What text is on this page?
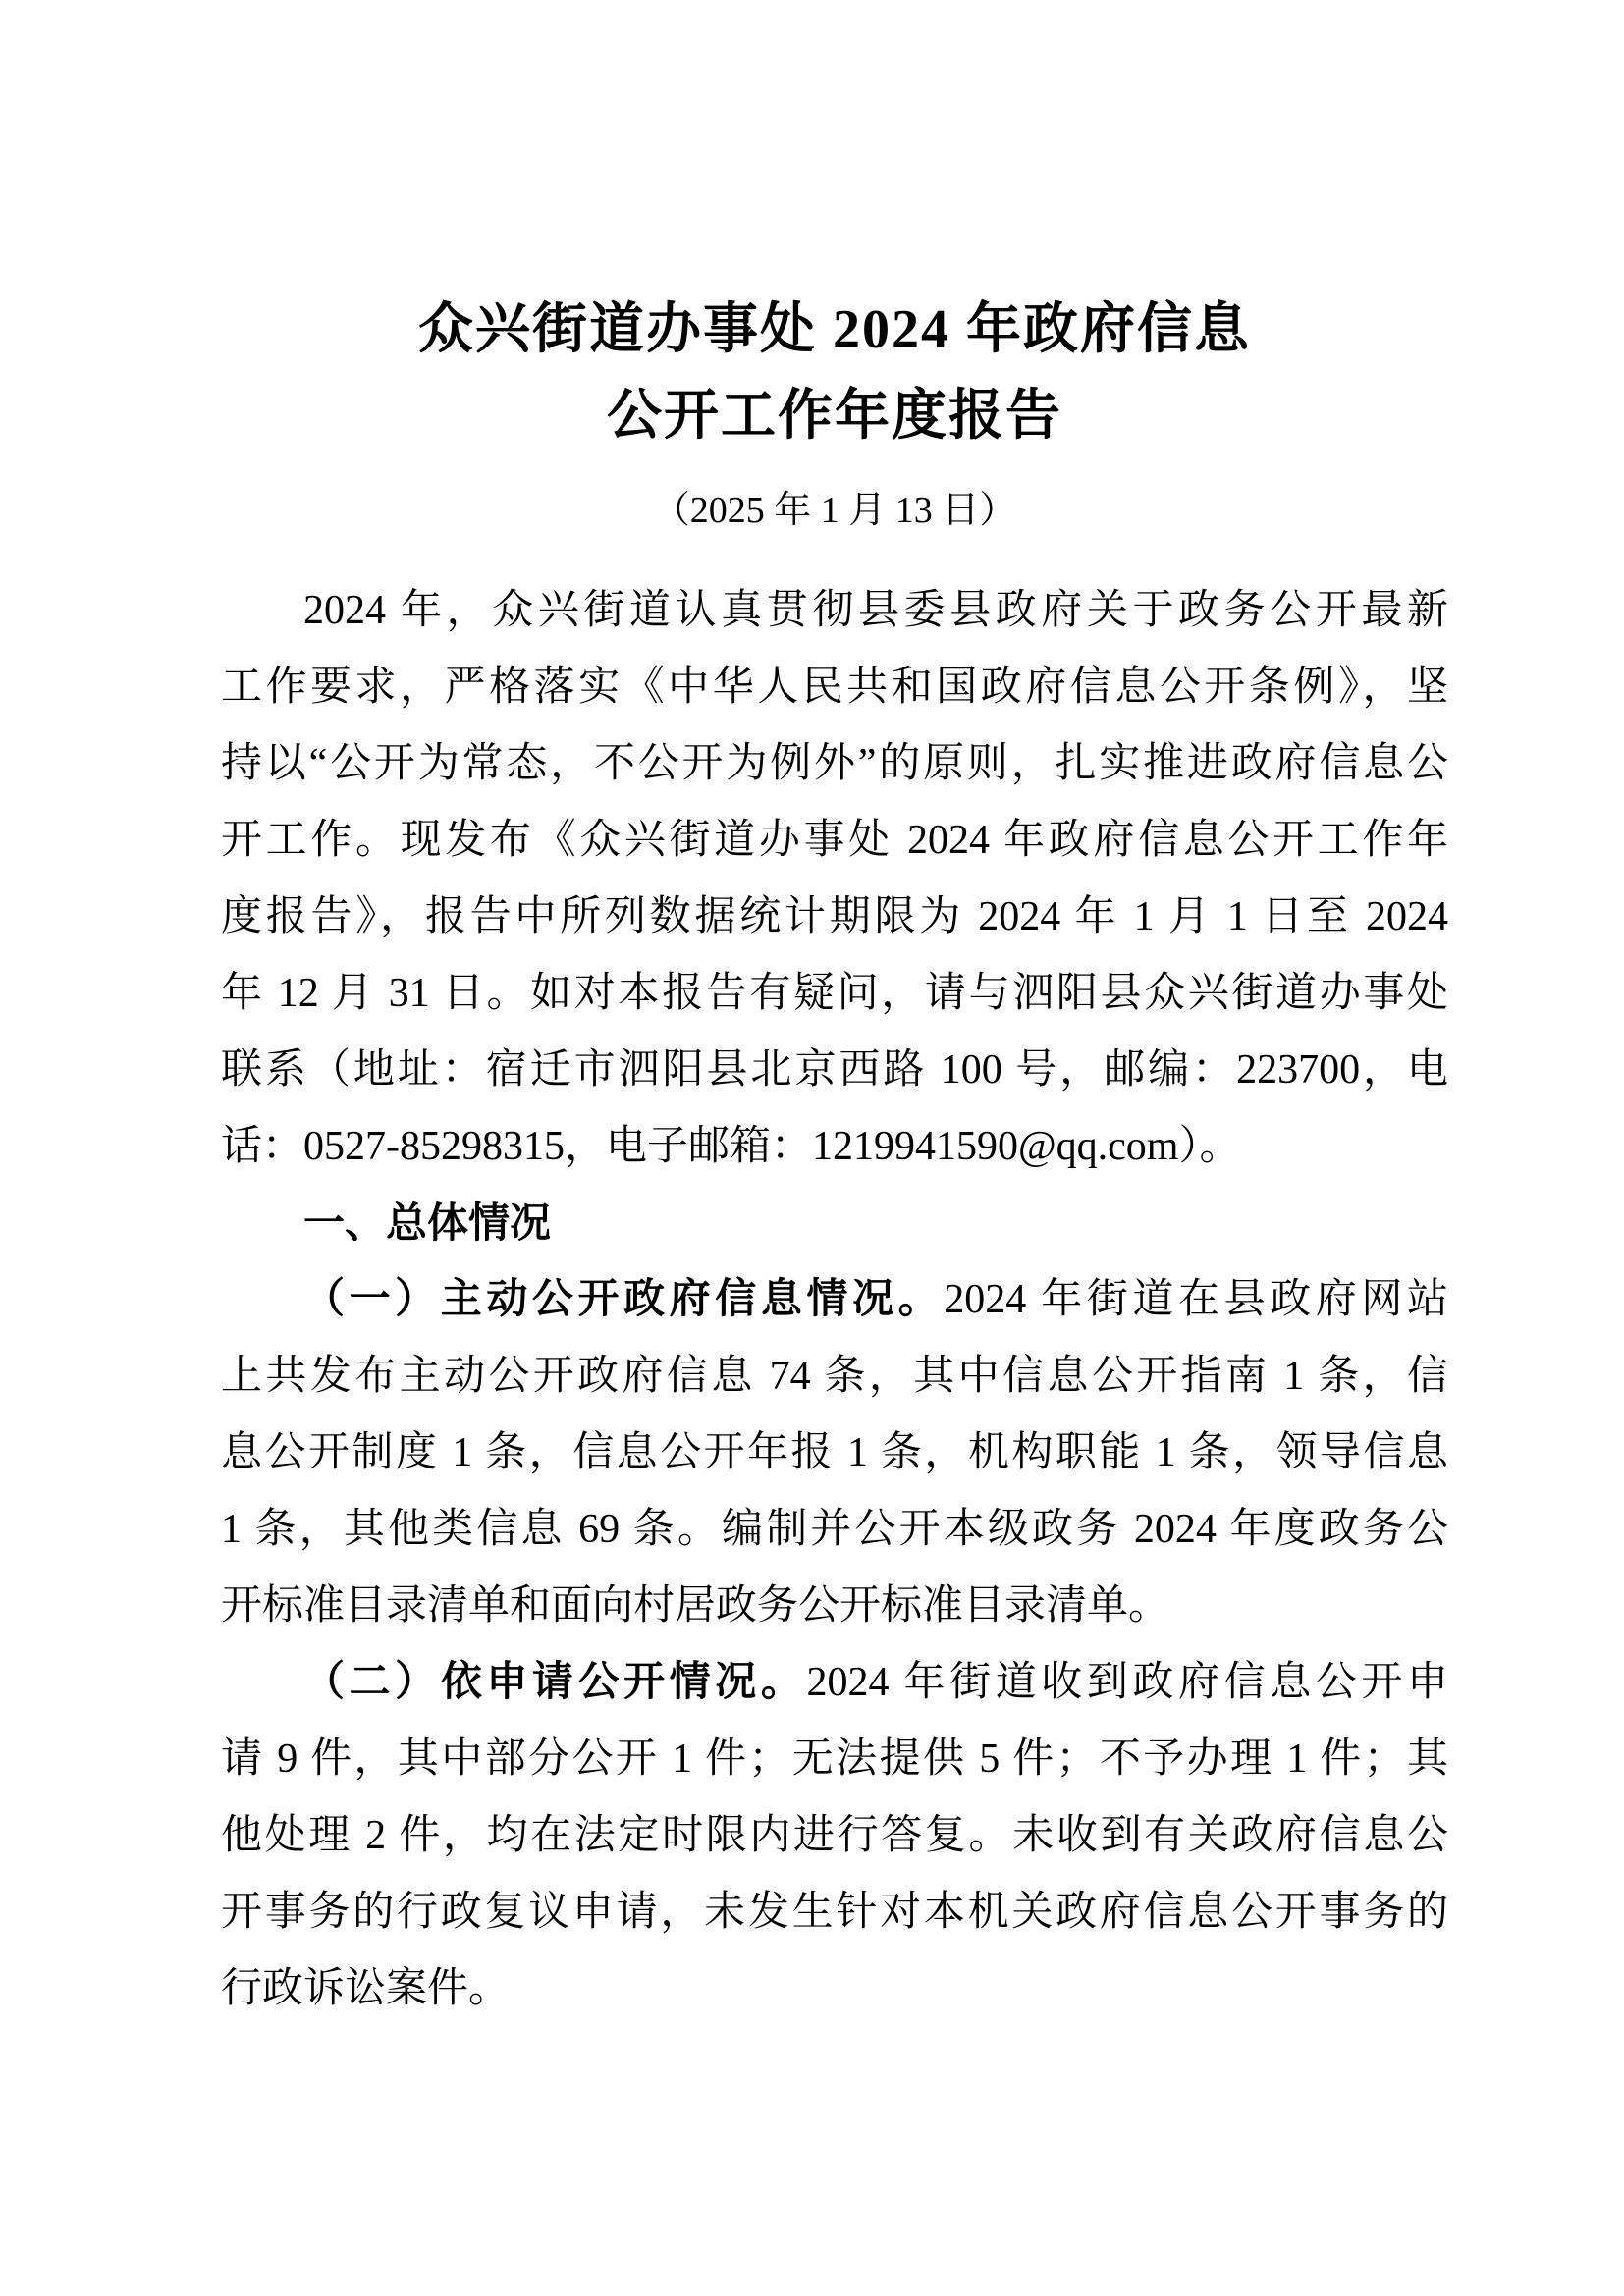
众兴街道办事处 2024 年政府信息
公开工作年度报告
（2025 年 1 月 13 日）
2024 年，众兴街道认真贯彻县委县政府关于政务公开最新
工作要求，严格落实《中华人民共和国政府信息公开条例》，坚
持以“公开为常态，不公开为例外”的原则，扎实推进政府信息公
开工作。现发布《众兴街道办事处 2024 年政府信息公开工作年
度报告》，报告中所列数据统计期限为 2024 年 1 月 1 日至 2024
年 12 月 31 日。如对本报告有疑问，请与泗阳县众兴街道办事处
联系（地址：宿迁市泗阳县北京西路 100 号，邮编：223700，电
话：0527-85298315，电子邮箱：1219941590@qq.com）。
一、总体情况
（一）主动公开政府信息情况。2024 年街道在县政府网站
上共发布主动公开政府信息 74 条，其中信息公开指南 1 条，信
息公开制度 1 条，信息公开年报 1 条，机构职能 1 条，领导信息
1 条，其他类信息 69 条。编制并公开本级政务 2024 年度政务公
开标准目录清单和面向村居政务公开标准目录清单。
（二）依申请公开情况。2024 年街道收到政府信息公开申
请 9 件，其中部分公开 1 件；无法提供 5 件；不予办理 1 件；其
他处理 2 件，均在法定时限内进行答复。未收到有关政府信息公
开事务的行政复议申请，未发生针对本机关政府信息公开事务的
行政诉讼案件。
